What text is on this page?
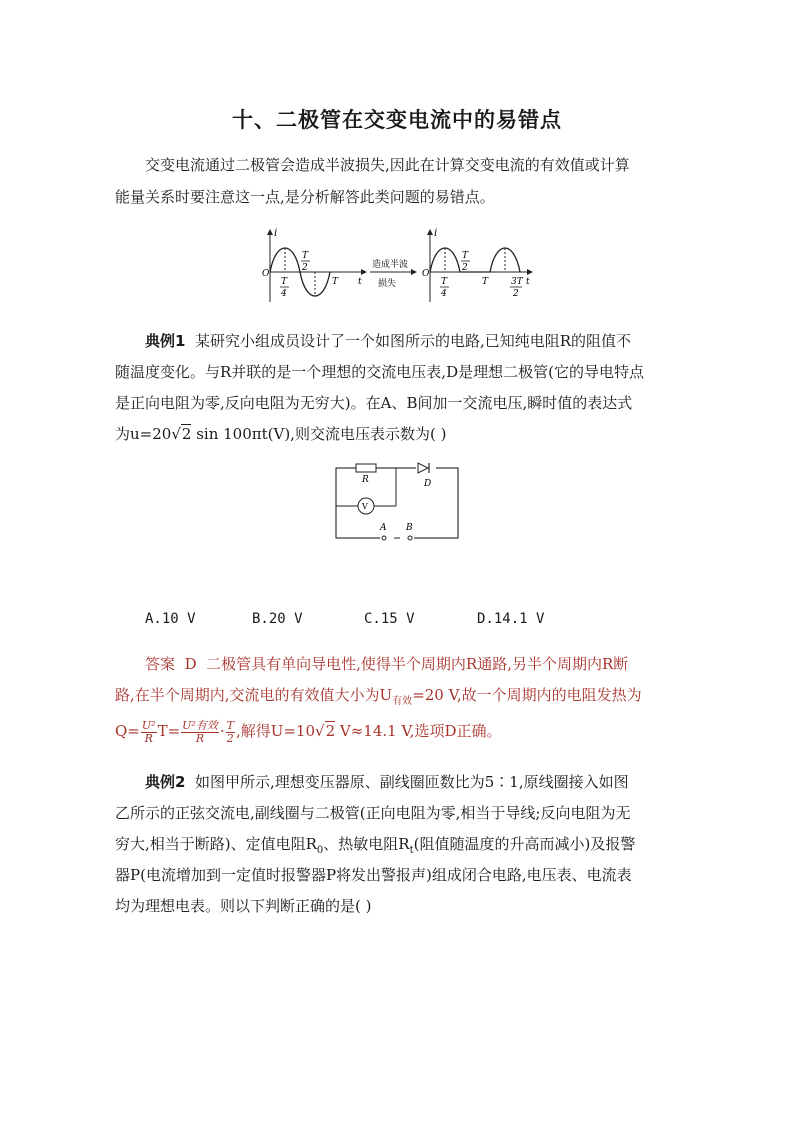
十、二极管在交变电流中的易错点
交变电流通过二极管会造成半波损失,因此在计算交变电流的有效值或计算
能量关系时要注意这一点,是分析解答此类问题的易错点。
i
O
t
T
2
T
4
T
造成半波
损失
i
O
t
T
2
T
4
T	3T
2
典例1 某研究小组成员设计了一个如图所示的电路,已知纯电阻R的阻值不
随温度变化。与R并联的是一个理想的交流电压表,D是理想二极管(它的导电特点
是正向电阻为零,反向电阻为无穷大)。在A、B间加一交流电压,瞬时值的表达式
为u=20√2 sin 100πt(V),则交流电压表示数为( )
R
V
D
A B
A.10 V	B.20 V	C.15 V	D.14.1 V
答案 D 二极管具有单向导电性,使得半个周期内R通路,另半个周期内R断
路,在半个周期内,交流电的有效值大小为$U_{有效}=20$ V,故一个周期内的电阻发热为
$Q= \frac{\text{U²}}{R} T= \frac{\text{U²有效}}{R} \cdot \frac{T}{2}$ ,解得U=10√2 V≈14.1 V,选项D正确。
典例2 如图甲所示,理想变压器原、副线圈匝数比为5∶1,原线圈接入如图
乙所示的正弦交流电,副线圈与二极管(正向电阻为零,相当于导线;反向电阻为无
穷大,相当于断路)、定值电阻$R_0$、热敏电阻$R_t$(阻值随温度的升高而减小)及报警
器P(电流增加到一定值时报警器P将发出警报声)组成闭合电路,电压表、电流表
均为理想电表。则以下判断正确的是( )
